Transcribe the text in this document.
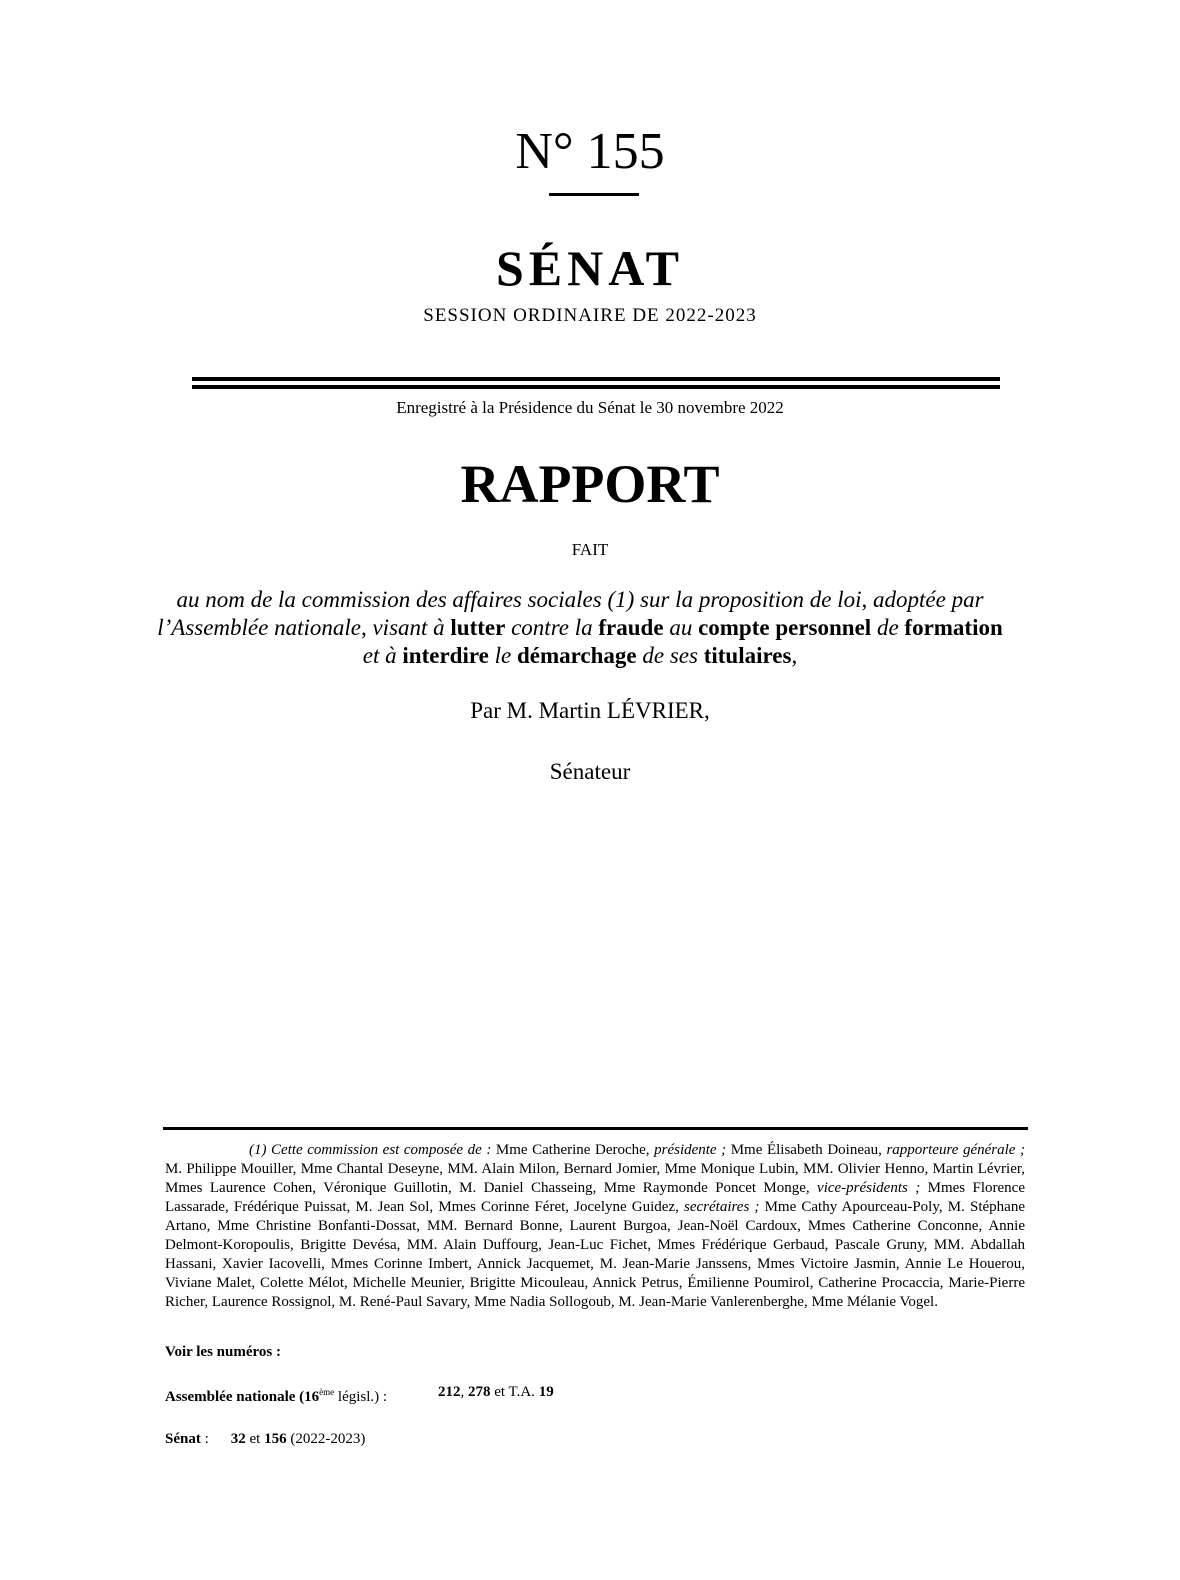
N° 155
SÉNAT
SESSION ORDINAIRE DE 2022-2023
Enregistré à la Présidence du Sénat le 30 novembre 2022
RAPPORT
FAIT
au nom de la commission des affaires sociales (1) sur la proposition de loi, adoptée par l’Assemblée nationale, visant à lutter contre la fraude au compte personnel de formation et à interdire le démarchage de ses titulaires,
Par M. Martin LÉVRIER,
Sénateur
(1) Cette commission est composée de : Mme Catherine Deroche, présidente ; Mme Élisabeth Doineau, rapporteure générale ; M. Philippe Mouiller, Mme Chantal Deseyne, MM. Alain Milon, Bernard Jomier, Mme Monique Lubin, MM. Olivier Henno, Martin Lévrier, Mmes Laurence Cohen, Véronique Guillotin, M. Daniel Chasseing, Mme Raymonde Poncet Monge, vice-présidents ; Mmes Florence Lassarade, Frédérique Puissat, M. Jean Sol, Mmes Corinne Féret, Jocelyne Guidez, secrétaires ; Mme Cathy Apourceau-Poly, M. Stéphane Artano, Mme Christine Bonfanti-Dossat, MM. Bernard Bonne, Laurent Burgoa, Jean-Noël Cardoux, Mmes Catherine Conconne, Annie Delmont-Koropoulis, Brigitte Devésa, MM. Alain Duffourg, Jean-Luc Fichet, Mmes Frédérique Gerbaud, Pascale Gruny, MM. Abdallah Hassani, Xavier Iacovelli, Mmes Corinne Imbert, Annick Jacquemet, M. Jean-Marie Janssens, Mmes Victoire Jasmin, Annie Le Houerou, Viviane Malet, Colette Mélot, Michelle Meunier, Brigitte Micouleau, Annick Petrus, Émilienne Poumirol, Catherine Procaccia, Marie-Pierre Richer, Laurence Rossignol, M. René-Paul Savary, Mme Nadia Sollogoub, M. Jean-Marie Vanlerenberghe, Mme Mélanie Vogel.
Voir les numéros :
Assemblée nationale (16ème législ.) :	212, 278 et T.A. 19
Sénat : 32 et 156 (2022-2023)
